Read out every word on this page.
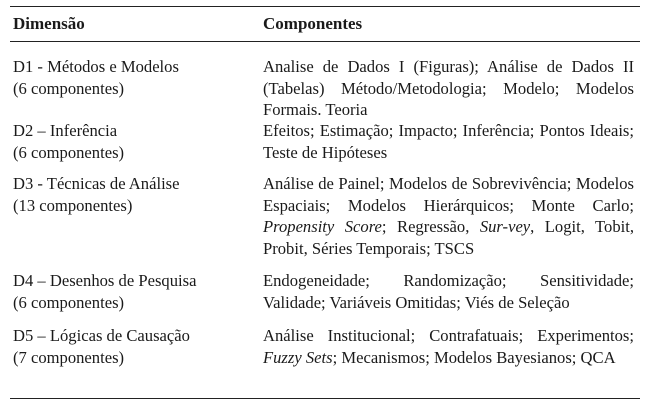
Dimensão	Componentes
D1 - Métodos e Modelos
(6 componentes)
Analise de Dados I (Figuras); Análise de Dados II (Tabelas) Método/Metodologia; Modelo; Modelos Formais. Teoria
D2 – Inferência
(6 componentes)
Efeitos; Estimação; Impacto; Inferência; Pontos Ideais; Teste de Hipóteses
D3 - Técnicas de Análise
(13 componentes)
Análise de Painel; Modelos de Sobrevivência; Modelos Espaciais; Modelos Hierárquicos; Monte Carlo; Propensity Score; Regressão, Sur-vey, Logit, Tobit, Probit, Séries Temporais; TSCS
D4 – Desenhos de Pesquisa
(6 componentes)
Endogeneidade; Randomização; Sensitividade; Validade; Variáveis Omitidas; Viés de Seleção
D5 – Lógicas de Causação
(7 componentes)
Análise Institucional; Contrafatuais; Experimentos; Fuzzy Sets; Mecanismos; Modelos Bayesianos; QCA
